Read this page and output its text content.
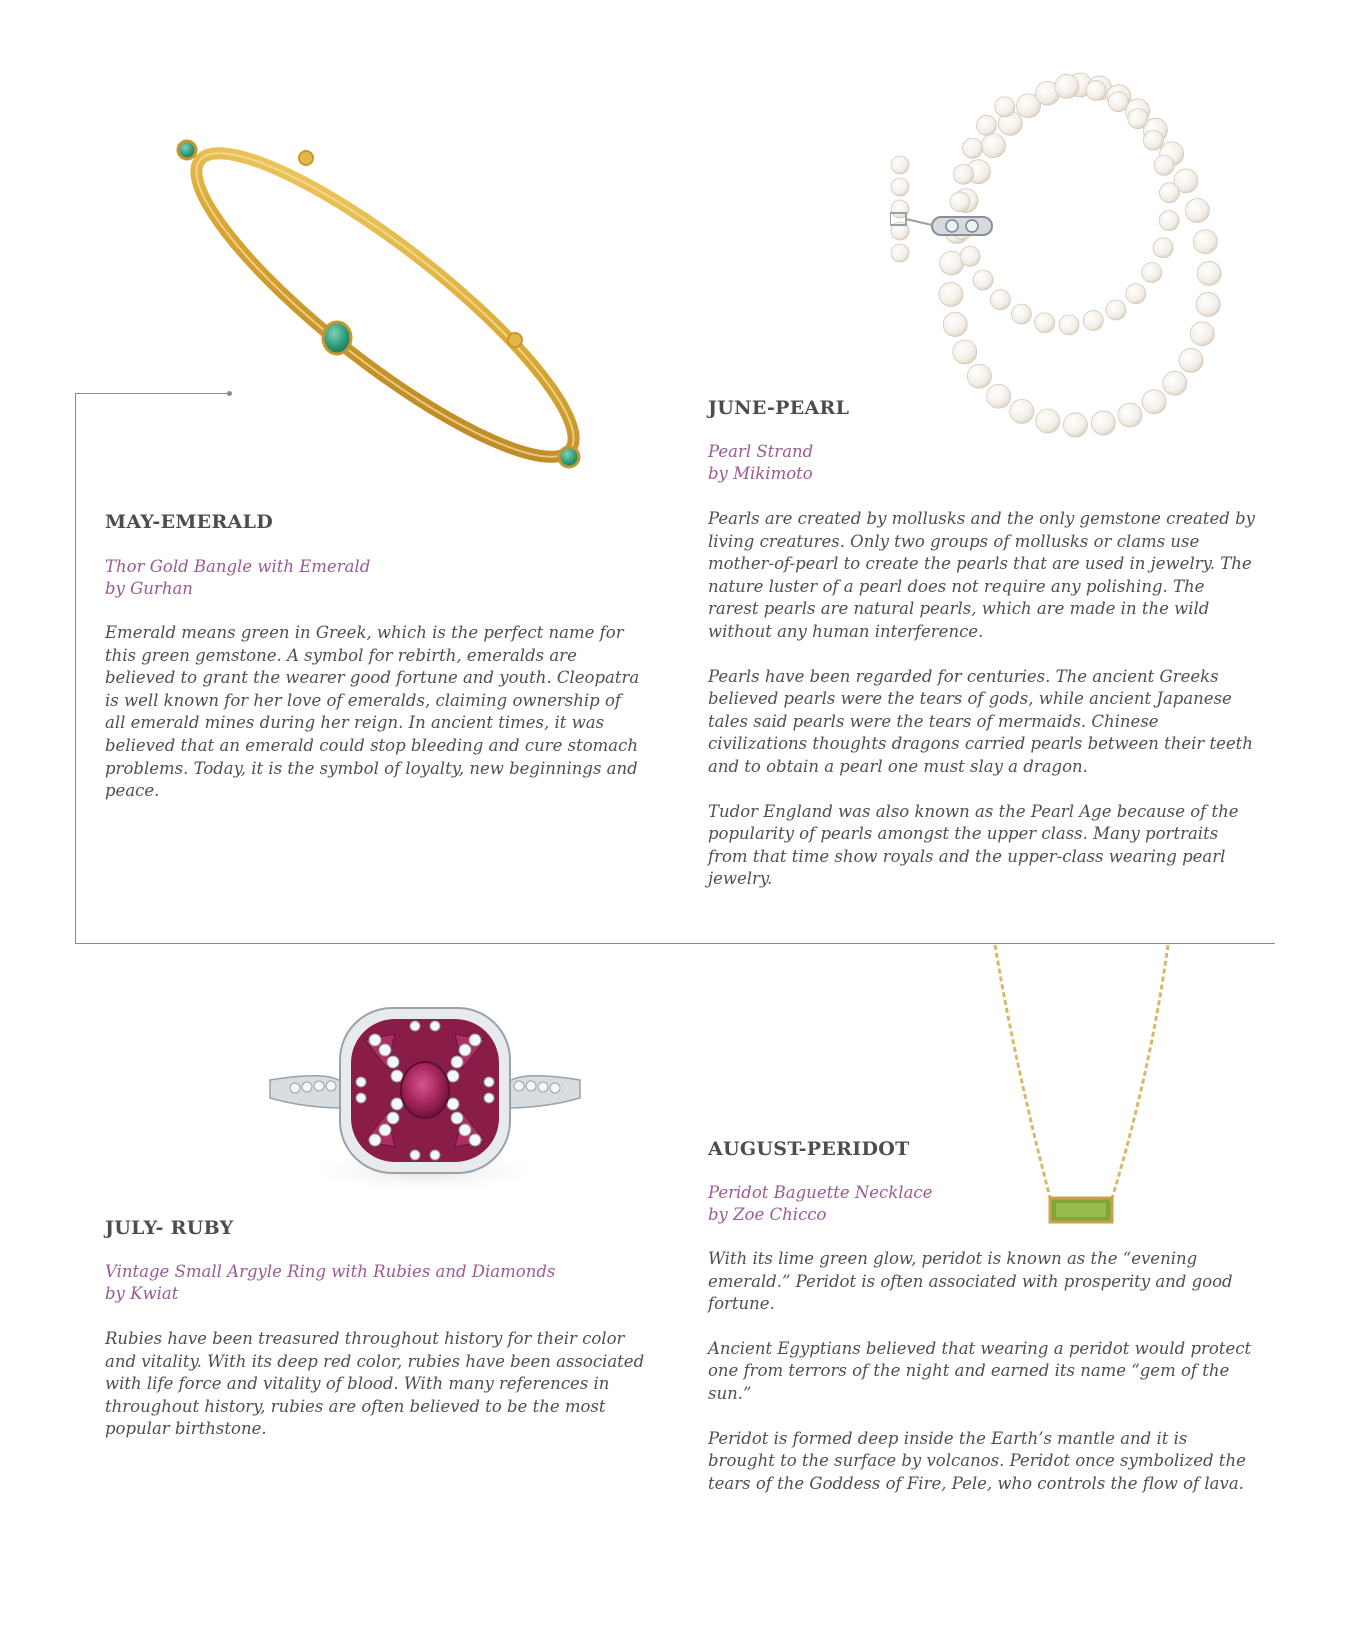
MAY-EMERALD
Thor Gold Bangle with Emerald
by Gurhan

Emerald means green in Greek, which is the perfect name for this green gemstone. A symbol for rebirth, emeralds are believed to grant the wearer good fortune and youth. Cleopatra is well known for her love of emeralds, claiming ownership of all emerald mines during her reign. In ancient times, it was believed that an emerald could stop bleeding and cure stomach problems. Today, it is the symbol of loyalty, new beginnings and peace.

JUNE-PEARL
Pearl Strand
by Mikimoto

Pearls are created by mollusks and the only gemstone created by living creatures. Only two groups of mollusks or clams use mother-of-pearl to create the pearls that are used in jewelry. The nature luster of a pearl does not require any polishing. The rarest pearls are natural pearls, which are made in the wild without any human interference.

Pearls have been regarded for centuries. The ancient Greeks believed pearls were the tears of gods, while ancient Japanese tales said pearls were the tears of mermaids. Chinese civilizations thoughts dragons carried pearls between their teeth and to obtain a pearl one must slay a dragon.

Tudor England was also known as the Pearl Age because of the popularity of pearls amongst the upper class. Many portraits from that time show royals and the upper-class wearing pearl jewelry.

JULY- RUBY
Vintage Small Argyle Ring with Rubies and Diamonds
by Kwiat

Rubies have been treasured throughout history for their color and vitality. With its deep red color, rubies have been associated with life force and vitality of blood. With many references in throughout history, rubies are often believed to be the most popular birthstone.

AUGUST-PERIDOT
Peridot Baguette Necklace
by Zoe Chicco

With its lime green glow, peridot is known as the “evening emerald.” Peridot is often associated with prosperity and good fortune.

Ancient Egyptians believed that wearing a peridot would protect one from terrors of the night and earned its name “gem of the sun.”

Peridot is formed deep inside the Earth’s mantle and it is brought to the surface by volcanos. Peridot once symbolized the tears of the Goddess of Fire, Pele, who controls the flow of lava.
